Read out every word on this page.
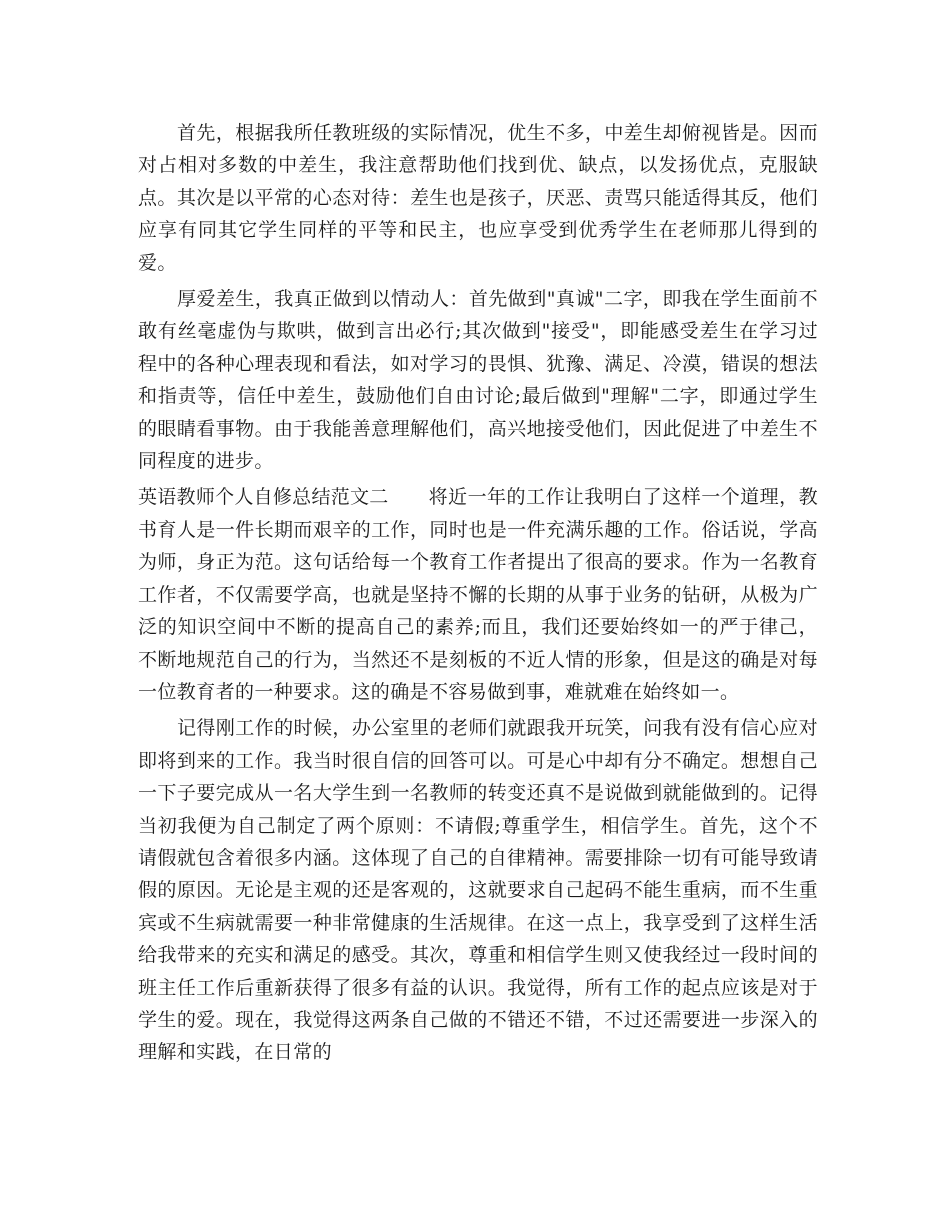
首先，根据我所任教班级的实际情况，优生不多，中差生却俯视皆是。因而对占相对多数的中差生，我注意帮助他们找到优、缺点，以发扬优点，克服缺点。其次是以平常的心态对待：差生也是孩子，厌恶、责骂只能适得其反，他们应享有同其它学生同样的平等和民主，也应享受到优秀学生在老师那儿得到的爱。

厚爱差生，我真正做到以情动人：首先做到"真诚"二字，即我在学生面前不敢有丝毫虚伪与欺哄，做到言出必行;其次做到"接受"，即能感受差生在学习过程中的各种心理表现和看法，如对学习的畏惧、犹豫、满足、冷漠，错误的想法和指责等，信任中差生，鼓励他们自由讨论;最后做到"理解"二字，即通过学生的眼睛看事物。由于我能善意理解他们，高兴地接受他们，因此促进了中差生不同程度的进步。

英语教师个人自修总结范文二 将近一年的工作让我明白了这样一个道理，教书育人是一件长期而艰辛的工作，同时也是一件充满乐趣的工作。俗话说，学高为师，身正为范。这句话给每一个教育工作者提出了很高的要求。作为一名教育工作者，不仅需要学高，也就是坚持不懈的长期的从事于业务的钻研，从极为广泛的知识空间中不断的提高自己的素养;而且，我们还要始终如一的严于律己，不断地规范自己的行为，当然还不是刻板的不近人情的形象，但是这的确是对每一位教育者的一种要求。这的确是不容易做到事，难就难在始终如一。

记得刚工作的时候，办公室里的老师们就跟我开玩笑，问我有没有信心应对即将到来的工作。我当时很自信的回答可以。可是心中却有分不确定。想想自己一下子要完成从一名大学生到一名教师的转变还真不是说做到就能做到的。记得当初我便为自己制定了两个原则：不请假;尊重学生，相信学生。首先，这个不请假就包含着很多内涵。这体现了自己的自律精神。需要排除一切有可能导致请假的原因。无论是主观的还是客观的，这就要求自己起码不能生重病，而不生重宾或不生病就需要一种非常健康的生活规律。在这一点上，我享受到了这样生活给我带来的充实和满足的感受。其次，尊重和相信学生则又使我经过一段时间的班主任工作后重新获得了很多有益的认识。我觉得，所有工作的起点应该是对于学生的爱。现在，我觉得这两条自己做的不错还不错，不过还需要进一步深入的理解和实践，在日常的
